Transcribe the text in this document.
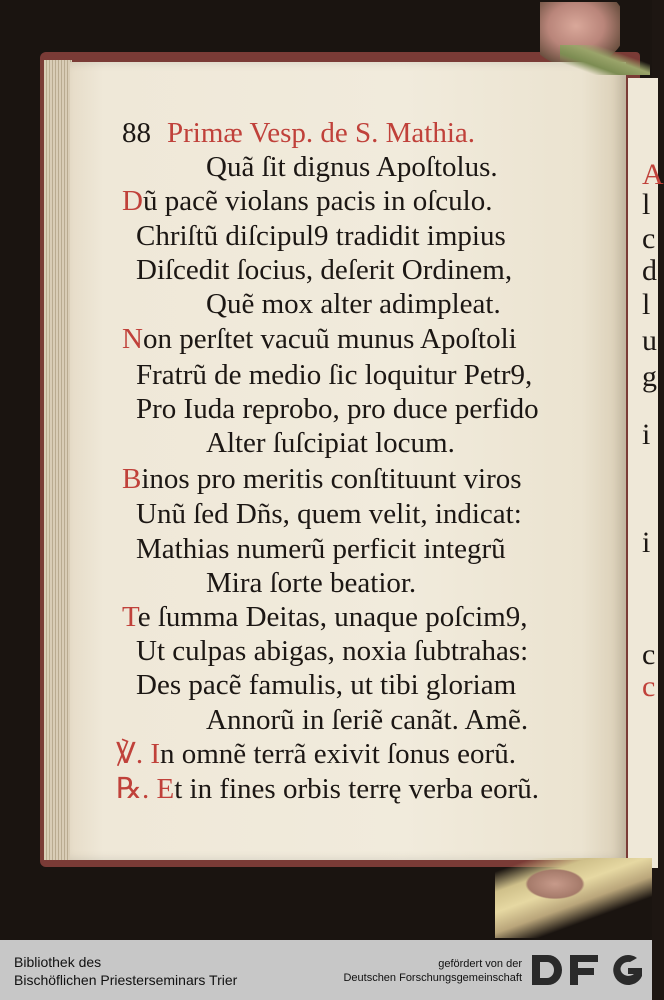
A
l
c
d
l
u
g
i
i
c
c
88 Primæ Vesp. de S. Mathia.
Quã ſit dignus Apoſtolus.
Dũ pacẽ violans pacis in oſculo.
Chriſtũ diſcipul9 tradidit impius
Diſcedit ſocius, deſerit Ordinem,
Quẽ mox alter adimpleat.
Non perſtet vacuũ munus Apoſtoli
Fratrũ de medio ſic loquitur Petr9,
Pro Iuda reprobo, pro duce perfido
Alter ſuſcipiat locum.
Binos pro meritis conſtituunt viros
Unũ ſed Dñs, quem velit, indicat:
Mathias numerũ perficit integrũ
Mira ſorte beatior.
Te ſumma Deitas, unaque poſcim9,
Ut culpas abigas, noxia ſubtrahas:
Des pacẽ famulis, ut tibi gloriam
Annorũ in ſeriẽ canãt. Amẽ.
℣. In omnẽ terrã exivit ſonus eorũ.
℞. Et in fines orbis terrę verba eorũ.
Bibliothek des
Bischöflichen Priesterseminars Trier
gefördert von der
Deutschen Forschungsgemeinschaft
